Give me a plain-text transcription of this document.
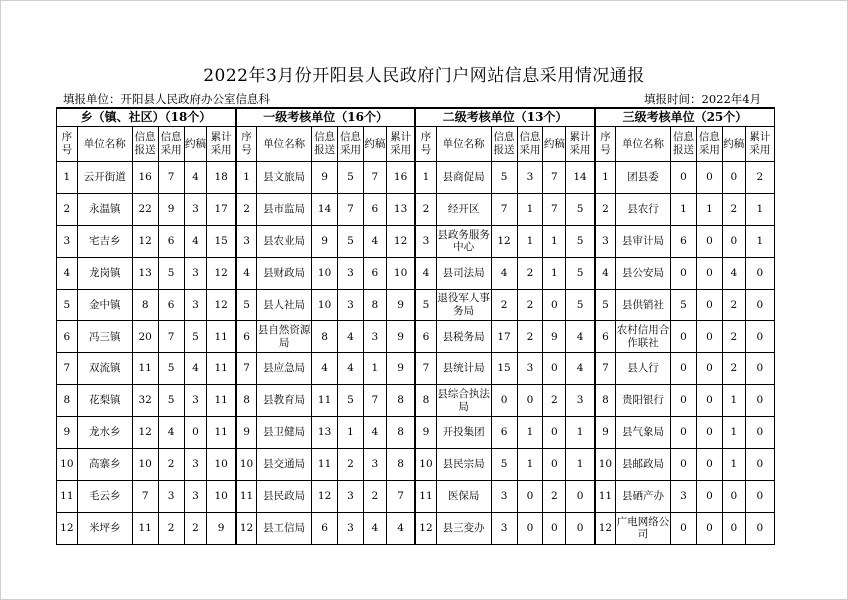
2022年3月份开阳县人民政府门户网站信息采用情况通报
填报单位：开阳县人民政府办公室信息科	填报时间：2022年4月
乡（镇、社区）（18个）						一级考核单位（16个）						二级考核单位（13个）						三级考核单位（25个）					
序号	单位名称	信息报送	信息采用	约稿	累计采用	序号	单位名称	信息报送	信息采用	约稿	累计采用	序号	单位名称	信息报送	信息采用	约稿	累计采用	序号	单位名称	信息报送	信息采用	约稿	累计采用
1	云开街道	16	7	4	18	1	县文旅局	9	5	7	16	1	县商促局	5	3	7	14	1	团县委	0	0	0	2
2	永温镇	22	9	3	17	2	县市监局	14	7	6	13	2	经开区	7	1	7	5	2	县农行	1	1	2	1
3	宅吉乡	12	6	4	15	3	县农业局	9	5	4	12	3	县政务服务中心	12	1	1	5	3	县审计局	6	0	0	1
4	龙岗镇	13	5	3	12	4	县财政局	10	3	6	10	4	县司法局	4	2	1	5	4	县公安局	0	0	4	0
5	金中镇	8	6	3	12	5	县人社局	10	3	8	9	5	退役军人事务局	2	2	0	5	5	县供销社	5	0	2	0
6	冯三镇	20	7	5	11	6	县自然资源局	8	4	3	9	6	县税务局	17	2	9	4	6	农村信用合作联社	0	0	2	0
7	双流镇	11	5	4	11	7	县应急局	4	4	1	9	7	县统计局	15	3	0	4	7	县人行	0	0	2	0
8	花梨镇	32	5	3	11	8	县教育局	11	5	7	8	8	县综合执法局	0	0	2	3	8	贵阳银行	0	0	1	0
9	龙水乡	12	4	0	11	9	县卫健局	13	1	4	8	9	开投集团	6	1	0	1	9	县气象局	0	0	1	0
10	高寨乡	10	2	3	10	10	县交通局	11	2	3	8	10	县民宗局	5	1	0	1	10	县邮政局	0	0	1	0
11	毛云乡	7	3	3	10	11	县民政局	12	3	2	7	11	医保局	3	0	2	0	11	县硒产办	3	0	0	0
12	米坪乡	11	2	2	9	12	县工信局	6	3	4	4	12	县三变办	3	0	0	0	12	广电网络公司	0	0	0	0
